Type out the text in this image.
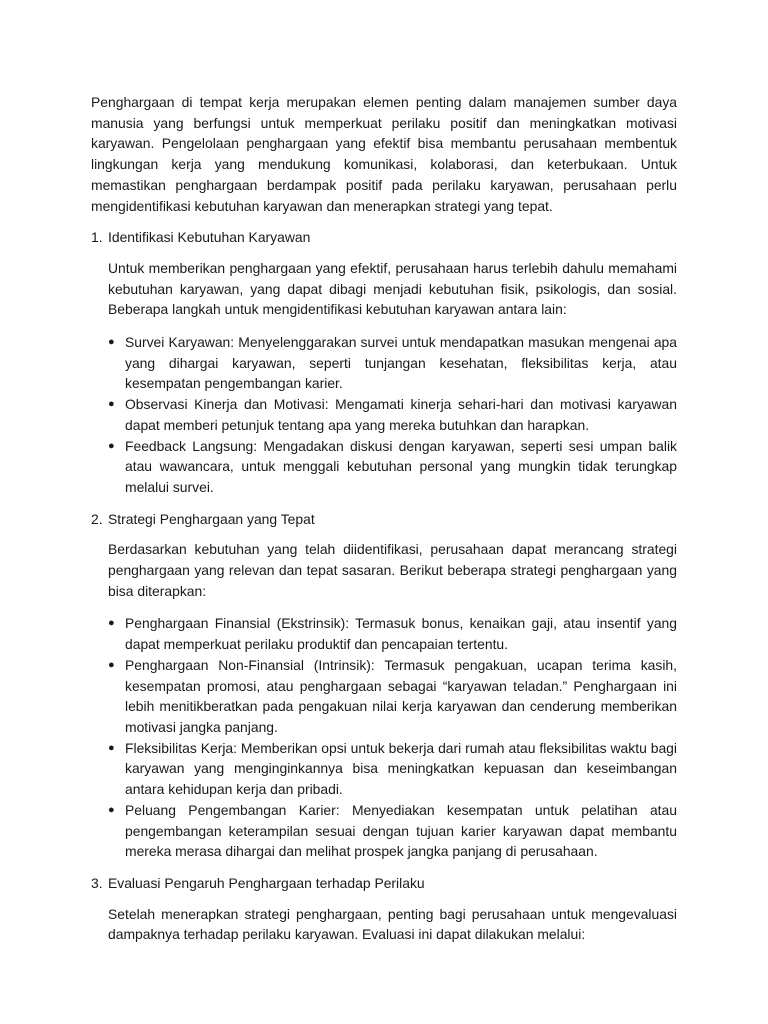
Penghargaan di tempat kerja merupakan elemen penting dalam manajemen sumber daya manusia yang berfungsi untuk memperkuat perilaku positif dan meningkatkan motivasi karyawan. Pengelolaan penghargaan yang efektif bisa membantu perusahaan membentuk lingkungan kerja yang mendukung komunikasi, kolaborasi, dan keterbukaan. Untuk memastikan penghargaan berdampak positif pada perilaku karyawan, perusahaan perlu mengidentifikasi kebutuhan karyawan dan menerapkan strategi yang tepat.

1. Identifikasi Kebutuhan Karyawan

Untuk memberikan penghargaan yang efektif, perusahaan harus terlebih dahulu memahami kebutuhan karyawan, yang dapat dibagi menjadi kebutuhan fisik, psikologis, dan sosial. Beberapa langkah untuk mengidentifikasi kebutuhan karyawan antara lain:

● Survei Karyawan: Menyelenggarakan survei untuk mendapatkan masukan mengenai apa yang dihargai karyawan, seperti tunjangan kesehatan, fleksibilitas kerja, atau kesempatan pengembangan karier.
● Observasi Kinerja dan Motivasi: Mengamati kinerja sehari-hari dan motivasi karyawan dapat memberi petunjuk tentang apa yang mereka butuhkan dan harapkan.
● Feedback Langsung: Mengadakan diskusi dengan karyawan, seperti sesi umpan balik atau wawancara, untuk menggali kebutuhan personal yang mungkin tidak terungkap melalui survei.
2. Strategi Penghargaan yang Tepat

Berdasarkan kebutuhan yang telah diidentifikasi, perusahaan dapat merancang strategi penghargaan yang relevan dan tepat sasaran. Berikut beberapa strategi penghargaan yang bisa diterapkan:

● Penghargaan Finansial (Ekstrinsik): Termasuk bonus, kenaikan gaji, atau insentif yang dapat memperkuat perilaku produktif dan pencapaian tertentu.
● Penghargaan Non-Finansial (Intrinsik): Termasuk pengakuan, ucapan terima kasih, kesempatan promosi, atau penghargaan sebagai “karyawan teladan.” Penghargaan ini lebih menitikberatkan pada pengakuan nilai kerja karyawan dan cenderung memberikan motivasi jangka panjang.
● Fleksibilitas Kerja: Memberikan opsi untuk bekerja dari rumah atau fleksibilitas waktu bagi karyawan yang menginginkannya bisa meningkatkan kepuasan dan keseimbangan antara kehidupan kerja dan pribadi.
● Peluang Pengembangan Karier: Menyediakan kesempatan untuk pelatihan atau pengembangan keterampilan sesuai dengan tujuan karier karyawan dapat membantu mereka merasa dihargai dan melihat prospek jangka panjang di perusahaan.
3. Evaluasi Pengaruh Penghargaan terhadap Perilaku

Setelah menerapkan strategi penghargaan, penting bagi perusahaan untuk mengevaluasi dampaknya terhadap perilaku karyawan. Evaluasi ini dapat dilakukan melalui:
